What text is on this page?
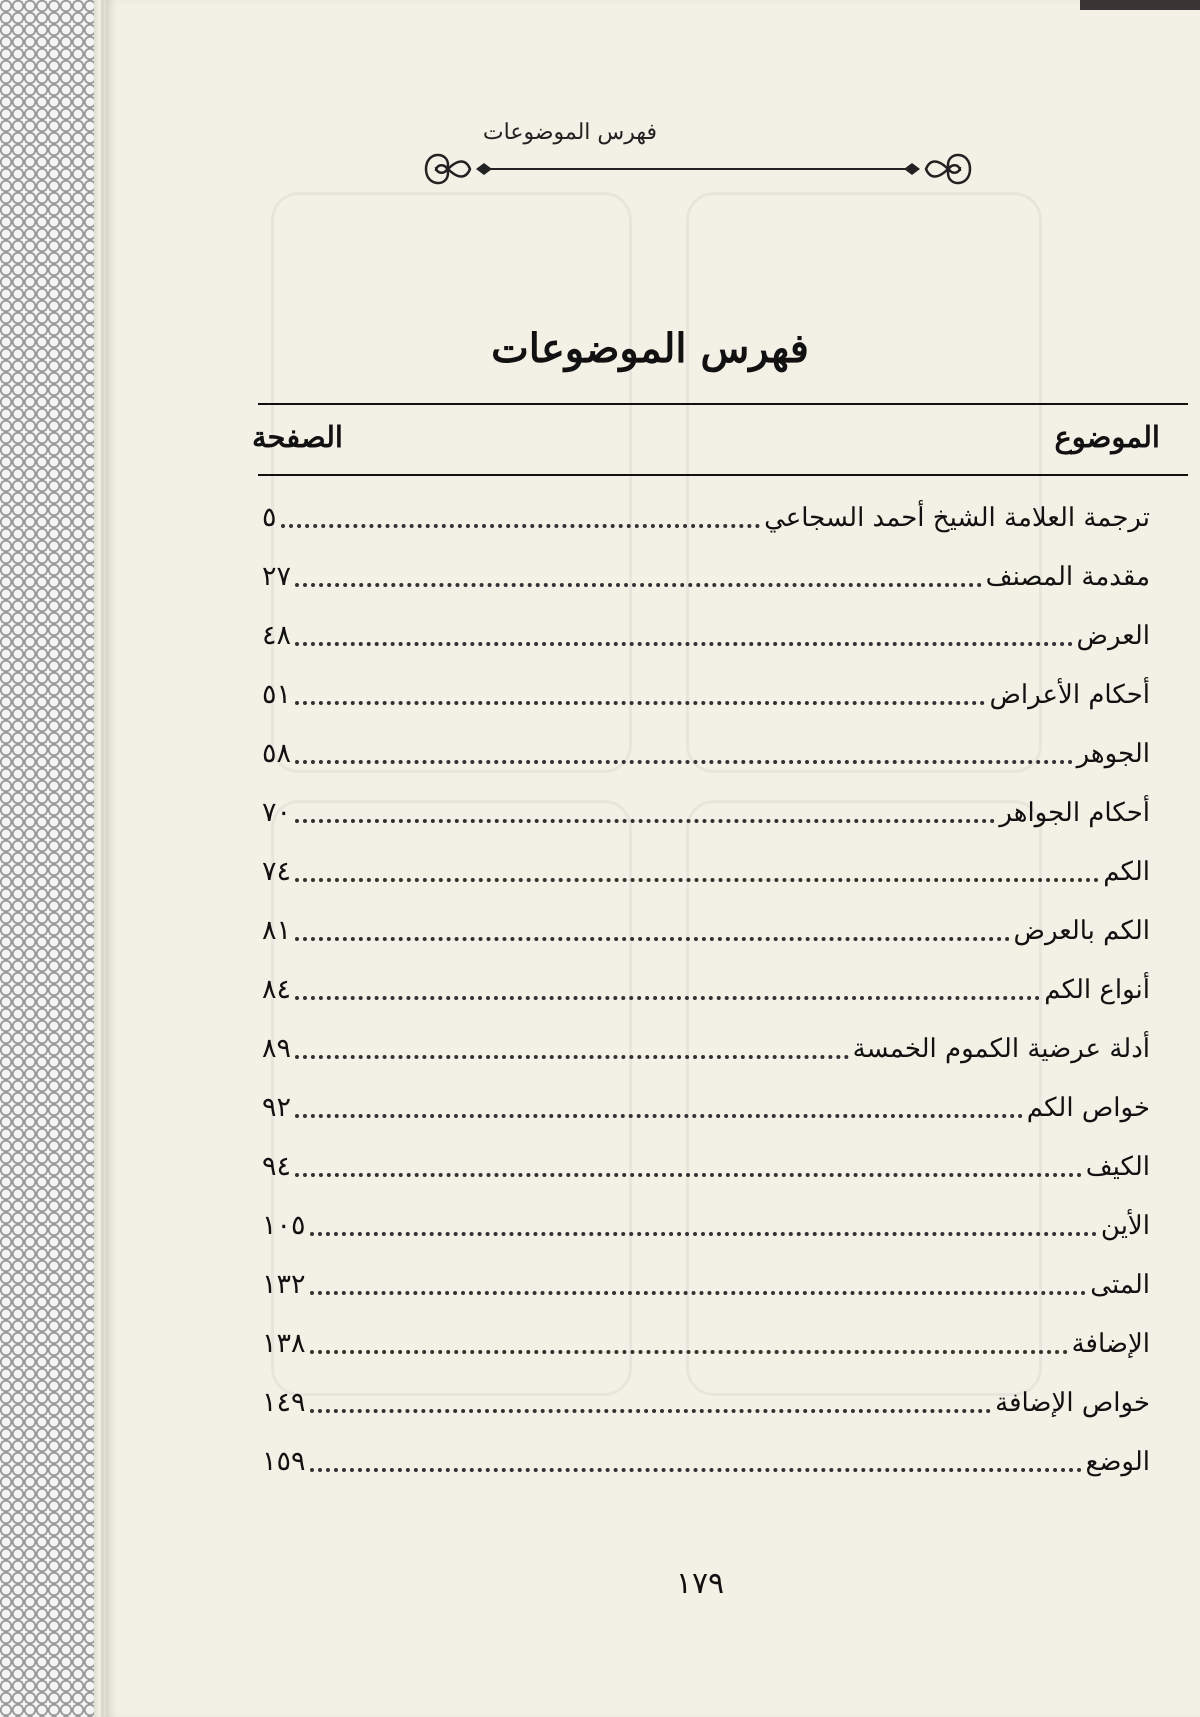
فهرس الموضوعات
فهرس الموضوعات
الموضوع
الصفحة
ترجمة العلامة الشيخ أحمد السجاعي
٥
مقدمة المصنف
٢٧
العرض
٤٨
أحكام الأعراض
٥١
الجوهر
٥٨
أحكام الجواهر
٧٠
الكم
٧٤
الكم بالعرض
٨١
أنواع الكم
٨٤
أدلة عرضية الكموم الخمسة
٨٩
خواص الكم
٩٢
الكيف
٩٤
الأين
١٠٥
المتى
١٣٢
الإضافة
١٣٨
خواص الإضافة
١٤٩
الوضع
١٥٩
١٧٩
